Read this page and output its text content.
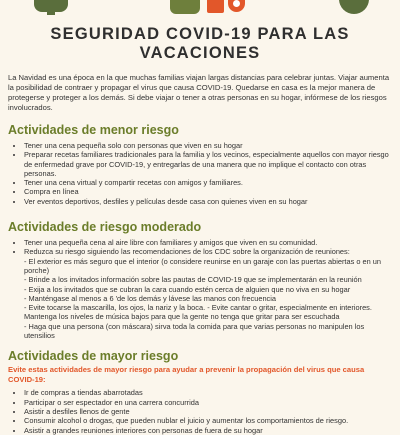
SEGURIDAD COVID-19 PARA LAS VACACIONES

La Navidad es una época en la que muchas familias viajan largas distancias para celebrar juntas. Viajar aumenta la posibilidad de contraer y propagar el virus que causa COVID-19. Quedarse en casa es la mejor manera de protegerse y proteger a los demás. Si debe viajar o tener a otras personas en su hogar, infórmese de los riesgos involucrados.

Actividades de menor riesgo
• Tener una cena pequeña solo con personas que viven en su hogar
• Preparar recetas familiares tradicionales para la familia y los vecinos, especialmente aquellos con mayor riesgo de enfermedad grave por COVID-19, y entregarlas de una manera que no implique el contacto con otras personas.
• Tener una cena virtual y compartir recetas con amigos y familiares.
• Compra en línea
• Ver eventos deportivos, desfiles y películas desde casa con quienes viven en su hogar
Actividades de riesgo moderado
• Tener una pequeña cena al aire libre con familiares y amigos que viven en su comunidad.
• Reduzca su riesgo siguiendo las recomendaciones de los CDC sobre la organización de reuniones:
- El exterior es más seguro que el interior (o considere reunirse en un garaje con las puertas abiertas o en un porche)
- Brinde a los invitados información sobre las pautas de COVID-19 que se implementarán en la reunión
- Exija a los invitados que se cubran la cara cuando estén cerca de alguien que no viva en su hogar
- Manténgase al menos a 6 'de los demás y lávese las manos con frecuencia
- Evite tocarse la mascarilla, los ojos, la nariz y la boca. - Evite cantar o gritar, especialmente en interiores. Mantenga los niveles de música bajos para que la gente no tenga que gritar para ser escuchada
- Haga que una persona (con máscara) sirva toda la comida para que varias personas no manipulen los utensilios
Actividades de mayor riesgo

Evite estas actividades de mayor riesgo para ayudar a prevenir la propagación del virus que causa COVID-19:

• Ir de compras a tiendas abarrotadas
• Participar o ser espectador en una carrera concurrida
• Asistir a desfiles llenos de gente
• Consumir alcohol o drogas, que pueden nublar el juicio y aumentar los comportamientos de riesgo.
• Asistir a grandes reuniones interiores con personas de fuera de su hogar
